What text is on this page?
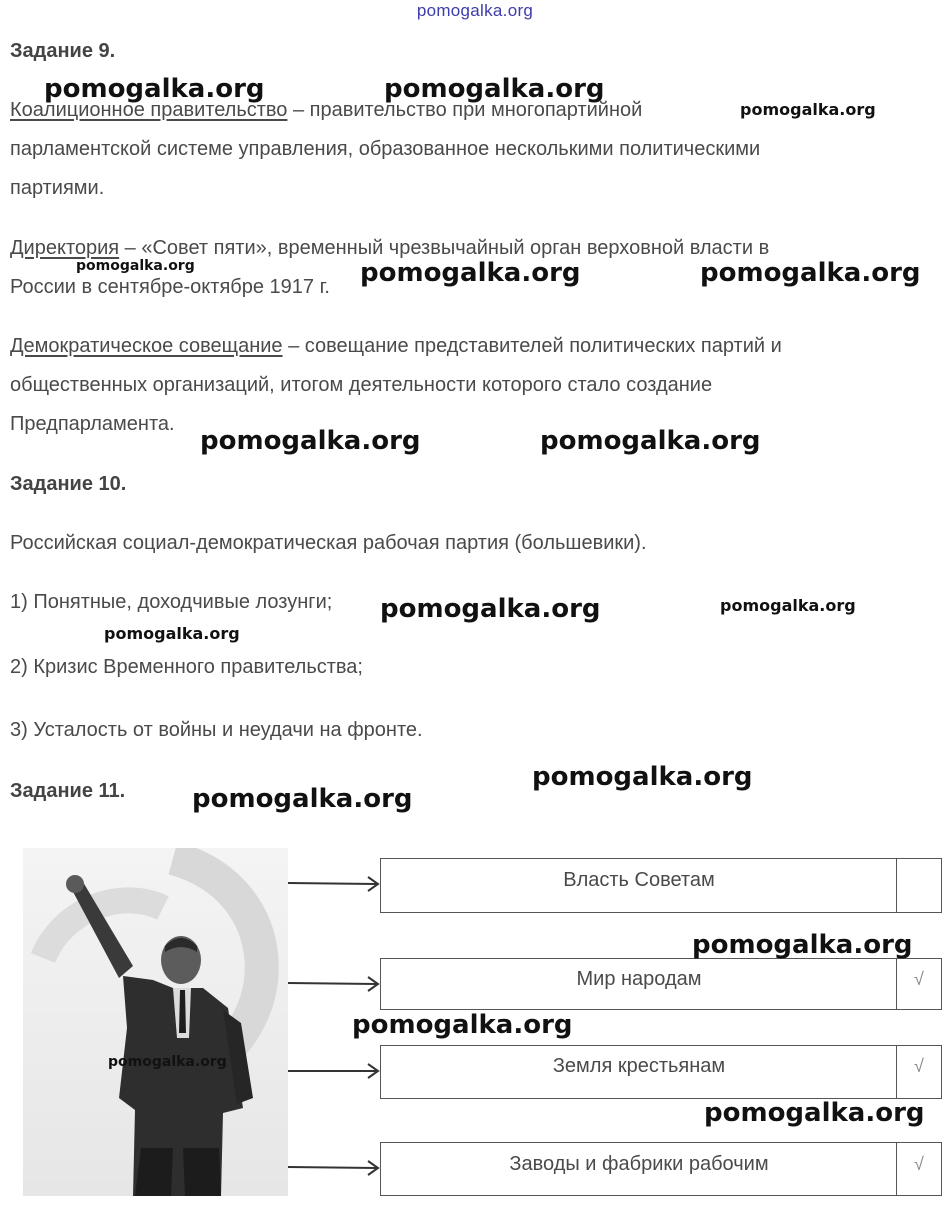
pomogalka.org
Задание 9.
Коалиционное правительство – правительство при многопартийной
парламентской системе управления, образованное несколькими политическими
партиями.
Директория – «Совет пяти», временный чрезвычайный орган верховной власти в
России в сентябре-октябре 1917 г.
Демократическое совещание – совещание представителей политических партий и
общественных организаций, итогом деятельности которого стало создание
Предпарламента.
Задание 10.
Российская социал-демократическая рабочая партия (большевики).
1) Понятные, доходчивые лозунги;
2) Кризис Временного правительства;
3) Усталость от войны и неудачи на фронте.
Задание 11.
Власть Советам
Мир народам	√
Земля крестьянам	√
Заводы и фабрики рабочим	√
pomogalka.org	pomogalka.org
pomogalka.org
pomogalka.org	pomogalka.org	pomogalka.org
pomogalka.org	pomogalka.org
pomogalka.org	pomogalka.org
pomogalka.org
pomogalka.org
pomogalka.org
pomogalka.org
pomogalka.org
pomogalka.org
pomogalka.org
